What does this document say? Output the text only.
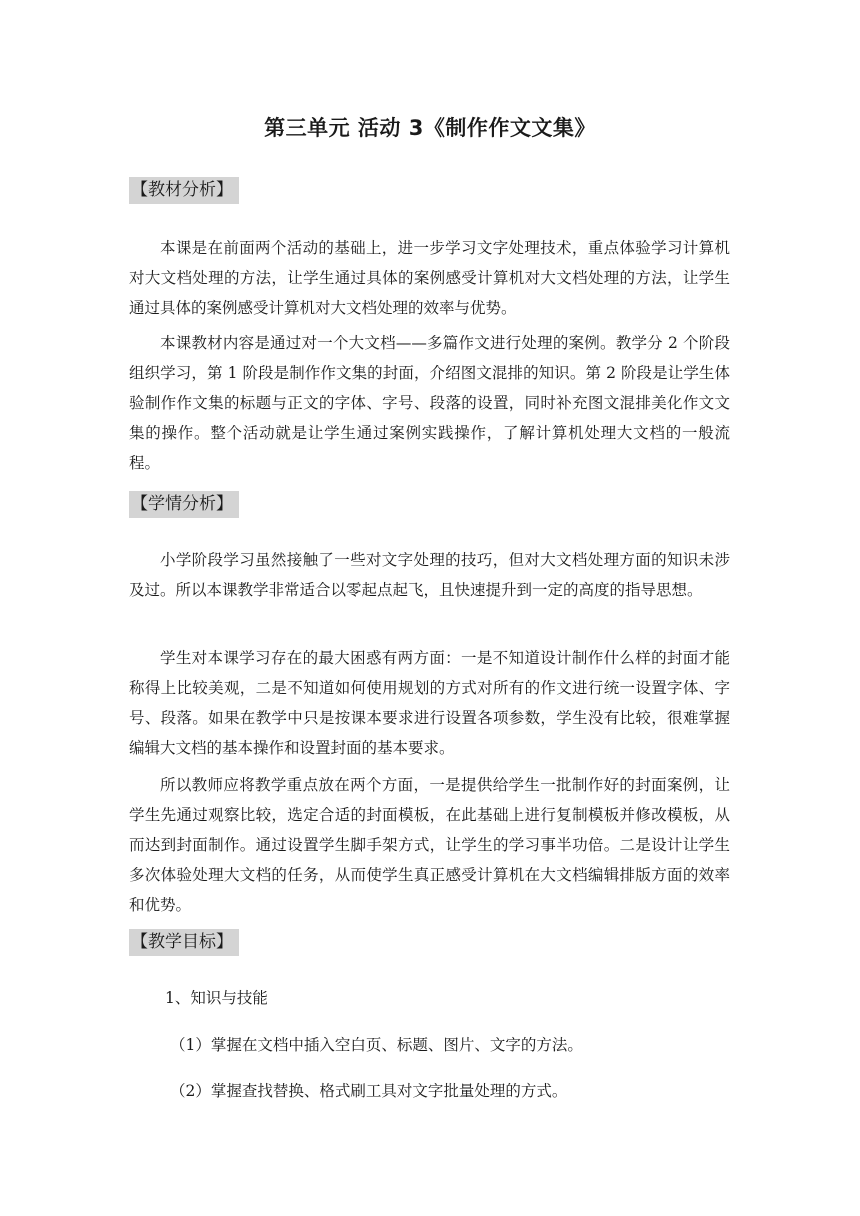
第三单元 活动 3《制作作文文集》
【教材分析】

本课是在前面两个活动的基础上，进一步学习文字处理技术，重点体验学习计算机对大文档处理的方法，让学生通过具体的案例感受计算机对大文档处理的方法，让学生通过具体的案例感受计算机对大文档处理的效率与优势。

本课教材内容是通过对一个大文档——多篇作文进行处理的案例。教学分 2 个阶段组织学习，第 1 阶段是制作作文集的封面，介绍图文混排的知识。第 2 阶段是让学生体验制作作文集的标题与正文的字体、字号、段落的设置，同时补充图文混排美化作文文集的操作。整个活动就是让学生通过案例实践操作，了解计算机处理大文档的一般流程。

【学情分析】

小学阶段学习虽然接触了一些对文字处理的技巧，但对大文档处理方面的知识未涉及过。所以本课教学非常适合以零起点起飞，且快速提升到一定的高度的指导思想。

学生对本课学习存在的最大困惑有两方面：一是不知道设计制作什么样的封面才能称得上比较美观，二是不知道如何使用规划的方式对所有的作文进行统一设置字体、字号、段落。如果在教学中只是按课本要求进行设置各项参数，学生没有比较，很难掌握编辑大文档的基本操作和设置封面的基本要求。

所以教师应将教学重点放在两个方面，一是提供给学生一批制作好的封面案例，让学生先通过观察比较，选定合适的封面模板，在此基础上进行复制模板并修改模板，从而达到封面制作。通过设置学生脚手架方式，让学生的学习事半功倍。二是设计让学生多次体验处理大文档的任务，从而使学生真正感受计算机在大文档编辑排版方面的效率和优势。

【教学目标】

1、知识与技能

（1）掌握在文档中插入空白页、标题、图片、文字的方法。

（2）掌握查找替换、格式刷工具对文字批量处理的方式。
